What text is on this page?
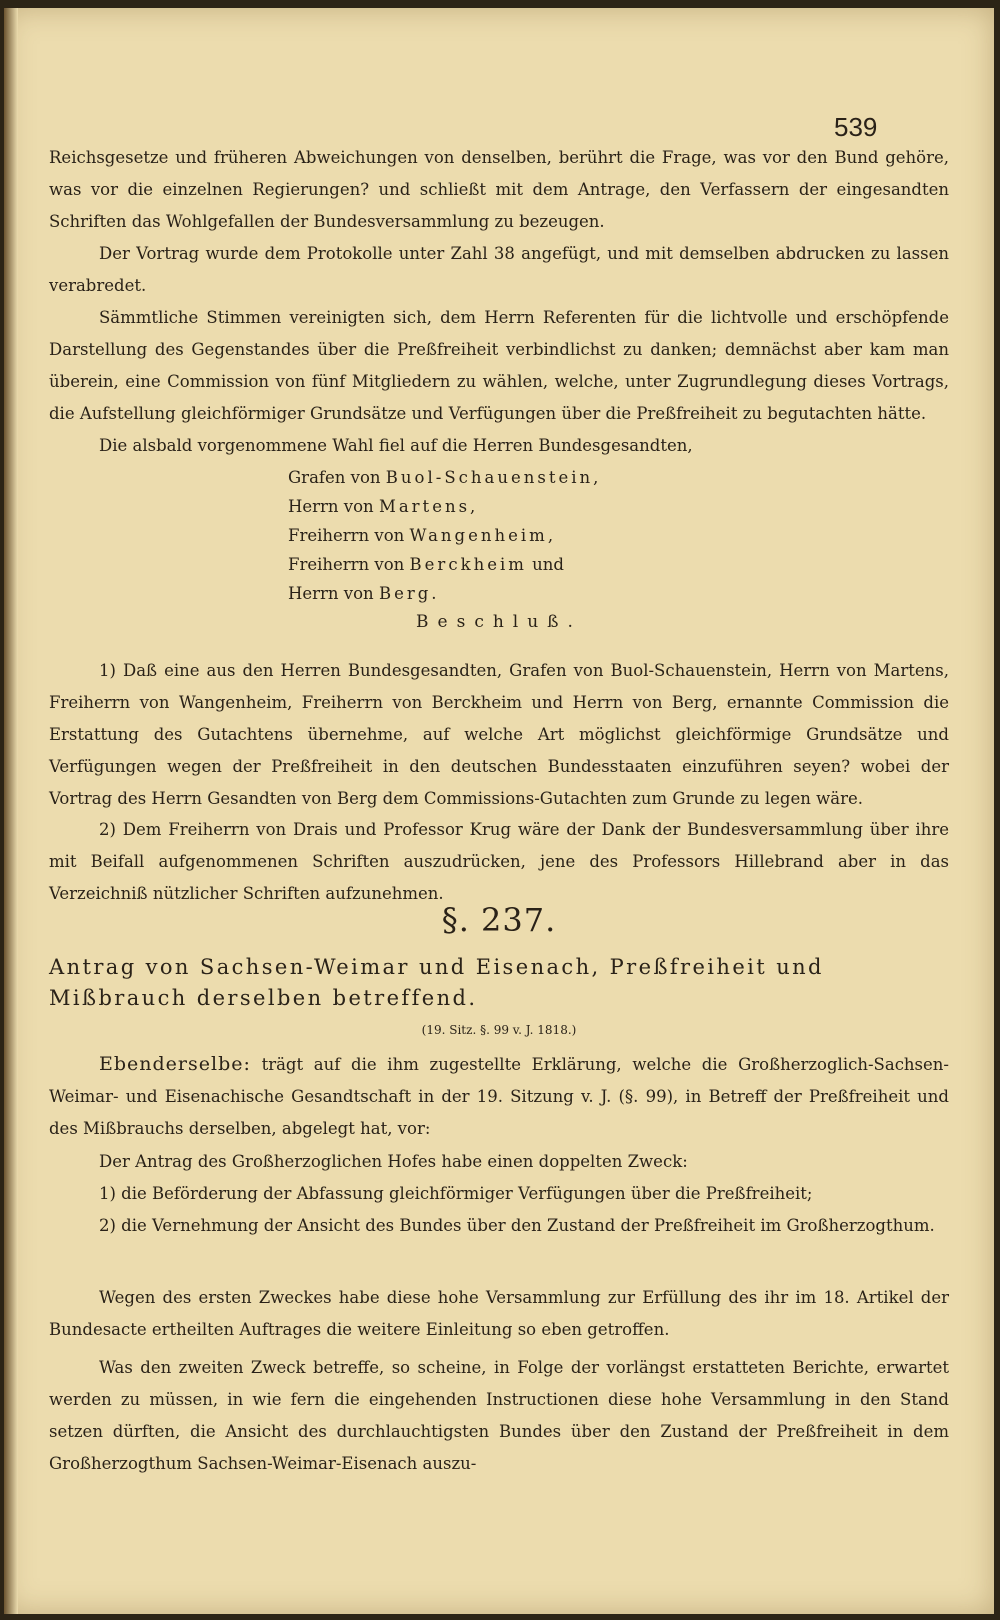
539

Reichsgesetze und früheren Abweichungen von denselben, berührt die Frage, was vor den Bund gehöre, was vor die einzelnen Regierungen? und schließt mit dem Antrage, den Verfassern der eingesandten Schriften das Wohlgefallen der Bundesversammlung zu bezeugen.

Der Vortrag wurde dem Protokolle unter Zahl 38 angefügt, und mit demselben abdrucken zu lassen verabredet.

Sämmtliche Stimmen vereinigten sich, dem Herrn Referenten für die lichtvolle und erschöpfende Darstellung des Gegenstandes über die Preßfreiheit verbindlichst zu danken; demnächst aber kam man überein, eine Commission von fünf Mitgliedern zu wählen, welche, unter Zugrundlegung dieses Vortrags, die Aufstellung gleichförmiger Grundsätze und Verfügungen über die Preßfreiheit zu begutachten hätte.

Die alsbald vorgenommene Wahl fiel auf die Herren Bundesgesandten,

Grafen von Buol-Schauenstein,
Herrn von Martens,
Freiherrn von Wangenheim,
Freiherrn von Berckheim und
Herrn von Berg.

Beschluß.

1) Daß eine aus den Herren Bundesgesandten, Grafen von Buol-Schauenstein, Herrn von Martens, Freiherrn von Wangenheim, Freiherrn von Berckheim und Herrn von Berg, ernannte Commission die Erstattung des Gutachtens übernehme, auf welche Art möglichst gleichförmige Grundsätze und Verfügungen wegen der Preßfreiheit in den deutschen Bundesstaaten einzuführen seyen? wobei der Vortrag des Herrn Gesandten von Berg dem Commissions-Gutachten zum Grunde zu legen wäre.

2) Dem Freiherrn von Drais und Professor Krug wäre der Dank der Bundesversammlung über ihre mit Beifall aufgenommenen Schriften auszudrücken, jene des Professors Hillebrand aber in das Verzeichniß nützlicher Schriften aufzunehmen.

§. 237.

Antrag von Sachsen-Weimar und Eisenach, Preßfreiheit und Mißbrauch derselben betreffend.

(19. Sitz. §. 99 v. J. 1818.)

Ebenderselbe: trägt auf die ihm zugestellte Erklärung, welche die Großherzoglich-Sachsen-Weimar- und Eisenachische Gesandtschaft in der 19. Sitzung v. J. (§. 99), in Betreff der Preßfreiheit und des Mißbrauchs derselben, abgelegt hat, vor:

Der Antrag des Großherzoglichen Hofes habe einen doppelten Zweck:

1) die Beförderung der Abfassung gleichförmiger Verfügungen über die Preßfreiheit;

2) die Vernehmung der Ansicht des Bundes über den Zustand der Preßfreiheit im Großherzogthum.

Wegen des ersten Zweckes habe diese hohe Versammlung zur Erfüllung des ihr im 18. Artikel der Bundesacte ertheilten Auftrages die weitere Einleitung so eben getroffen.

Was den zweiten Zweck betreffe, so scheine, in Folge der vorlängst erstatteten Berichte, erwartet werden zu müssen, in wie fern die eingehenden Instructionen diese hohe Versammlung in den Stand setzen dürften, die Ansicht des durchlauchtigsten Bundes über den Zustand der Preßfreiheit in dem Großherzogthum Sachsen-Weimar-Eisenach auszu-
